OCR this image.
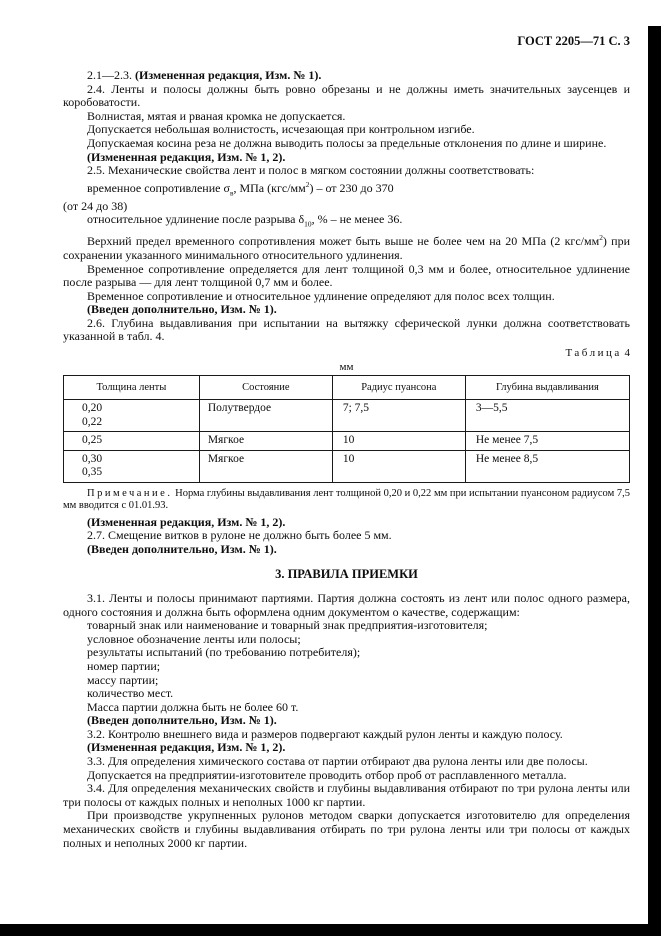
ГОСТ 2205—71 С. 3
2.1—2.3. (Измененная редакция, Изм. № 1).
2.4. Ленты и полосы должны быть ровно обрезаны и не должны иметь значительных заусенцев и коробоватости.
Волнистая, мятая и рваная кромка не допускается.
Допускается небольшая волнистость, исчезающая при контрольном изгибе.
Допускаемая косина реза не должна выводить полосы за предельные отклонения по длине и ширине.
(Измененная редакция, Изм. № 1, 2).
2.5. Механические свойства лент и полос в мягком состоянии должны соответствовать:
временное сопротивление $\sigma_в$, МПа $(кгс/мм^2)$ – от 230 до 370
(от 24 до 38)
относительное удлинение после разрыва $\delta_{10}$, % – не менее 36.
Верхний предел временного сопротивления может быть выше не более чем на 20 МПа (2 кгс/$мм^2$) при сохранении указанного минимального относительного удлинения.
Временное сопротивление определяется для лент толщиной 0,3 мм и более, относительное удлинение после разрыва — для лент толщиной 0,7 мм и более.
Временное сопротивление и относительное удлинение определяют для полос всех толщин.
(Введен дополнительно, Изм. № 1).
2.6. Глубина выдавливания при испытании на вытяжку сферической лунки должна соответствовать указанной в табл. 4.
Таблица 4
мм
Толщина ленты	Состояние	Радиус пуансона	Глубина выдавливания

0,20
0,22	Полутвердое	7; 7,5	3—5,5

0,25	Мягкое	10	Не менее 7,5

0,30
0,35	Мягкое	10	Не менее 8,5
Примечание. Норма глубины выдавливания лент толщиной 0,20 и 0,22 мм при испытании пуансоном радиусом 7,5 мм вводится с 01.01.93.
(Измененная редакция, Изм. № 1, 2).
2.7. Смещение витков в рулоне не должно быть более 5 мм.
(Введен дополнительно, Изм. № 1).
3. ПРАВИЛА ПРИЕМКИ
3.1. Ленты и полосы принимают партиями. Партия должна состоять из лент или полос одного размера, одного состояния и должна быть оформлена одним документом о качестве, содержащим:
товарный знак или наименование и товарный знак предприятия-изготовителя;
условное обозначение ленты или полосы;
результаты испытаний (по требованию потребителя);
номер партии;
массу партии;
количество мест.
Масса партии должна быть не более 60 т.
(Введен дополнительно, Изм. № 1).
3.2. Контролю внешнего вида и размеров подвергают каждый рулон ленты и каждую полосу.
(Измененная редакция, Изм. № 1, 2).
3.3. Для определения химического состава от партии отбирают два рулона ленты или две полосы.
Допускается на предприятии-изготовителе проводить отбор проб от расплавленного металла.
3.4. Для определения механических свойств и глубины выдавливания отбирают по три рулона ленты или три полосы от каждых полных и неполных 1000 кг партии.
При производстве укрупненных рулонов методом сварки допускается изготовителю для определения механических свойств и глубины выдавливания отбирать по три рулона ленты или три полосы от каждых полных и неполных 2000 кг партии.
